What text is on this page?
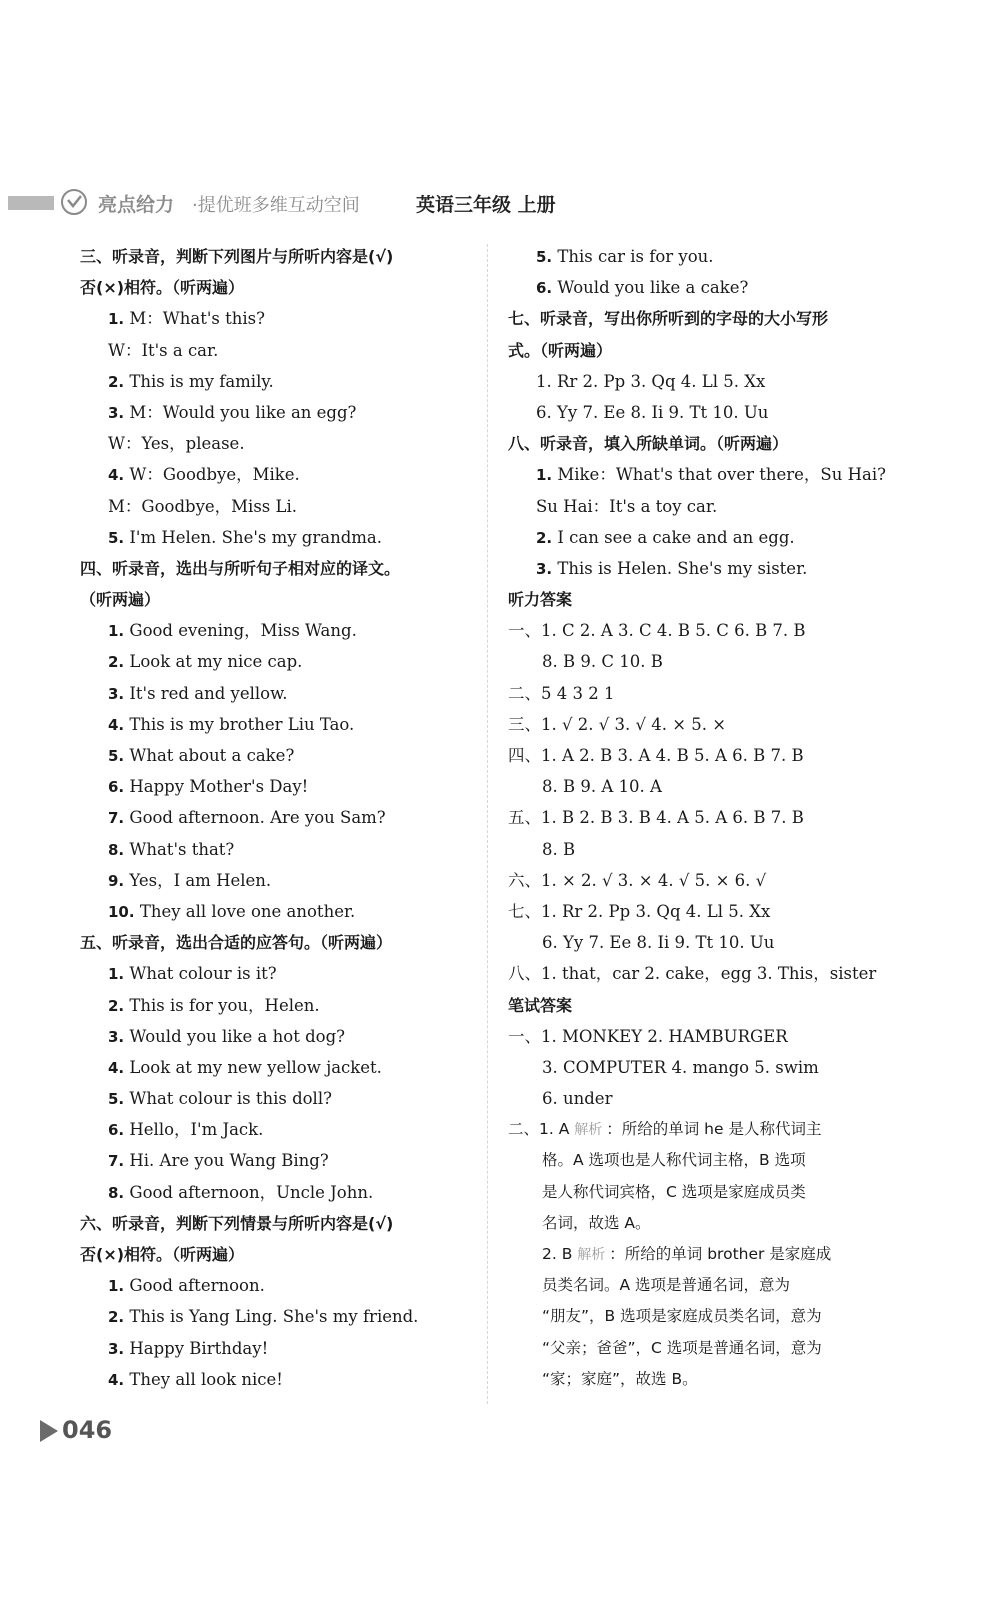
亮点给力 ·提优班多维互动空间	英语三年级 上册
三、听录音，判断下列图片与所听内容是(√)
否(×)相符。（听两遍）
1. M：What's this?
W：It's a car.
2. This is my family.
3. M：Would you like an egg?
W：Yes，please.
4. W：Goodbye，Mike.
M：Goodbye，Miss Li.
5. I'm Helen. She's my grandma.
四、听录音，选出与所听句子相对应的译文。
（听两遍）
1. Good evening，Miss Wang.
2. Look at my nice cap.
3. It's red and yellow.
4. This is my brother Liu Tao.
5. What about a cake?
6. Happy Mother's Day!
7. Good afternoon. Are you Sam?
8. What's that?
9. Yes，I am Helen.
10. They all love one another.
五、听录音，选出合适的应答句。（听两遍）
1. What colour is it?
2. This is for you，Helen.
3. Would you like a hot dog?
4. Look at my new yellow jacket.
5. What colour is this doll?
6. Hello，I'm Jack.
7. Hi. Are you Wang Bing?
8. Good afternoon，Uncle John.
六、听录音，判断下列情景与所听内容是(√)
否(×)相符。（听两遍）
1. Good afternoon.
2. This is Yang Ling. She's my friend.
3. Happy Birthday!
4. They all look nice!
5. This car is for you.
6. Would you like a cake?
七、听录音，写出你所听到的字母的大小写形
式。（听两遍）
1. Rr 2. Pp 3. Qq 4. Ll 5. Xx
6. Yy 7. Ee 8. Ii 9. Tt 10. Uu
八、听录音，填入所缺单词。（听两遍）
1. Mike：What's that over there，Su Hai?
Su Hai：It's a toy car.
2. I can see a cake and an egg.
3. This is Helen. She's my sister.
听力答案
一、1. C 2. A 3. C 4. B 5. C 6. B 7. B
8. B 9. C 10. B
二、5 4 3 2 1
三、1. √ 2. √ 3. √ 4. × 5. ×
四、1. A 2. B 3. A 4. B 5. A 6. B 7. B
8. B 9. A 10. A
五、1. B 2. B 3. B 4. A 5. A 6. B 7. B
8. B
六、1. × 2. √ 3. × 4. √ 5. × 6. √
七、1. Rr 2. Pp 3. Qq 4. Ll 5. Xx
6. Yy 7. Ee 8. Ii 9. Tt 10. Uu
八、1. that，car 2. cake，egg 3. This，sister
笔试答案
一、1. MONKEY 2. HAMBURGER
3. COMPUTER 4. mango 5. swim
6. under
二、1. A 解析 ：所给的单词 he 是人称代词主
格。A 选项也是人称代词主格，B 选项
是人称代词宾格，C 选项是家庭成员类
名词，故选 A。
2. B 解析 ：所给的单词 brother 是家庭成
员类名词。A 选项是普通名词，意为
“朋友”，B 选项是家庭成员类名词，意为
“父亲；爸爸”，C 选项是普通名词，意为
“家；家庭”，故选 B。
046
